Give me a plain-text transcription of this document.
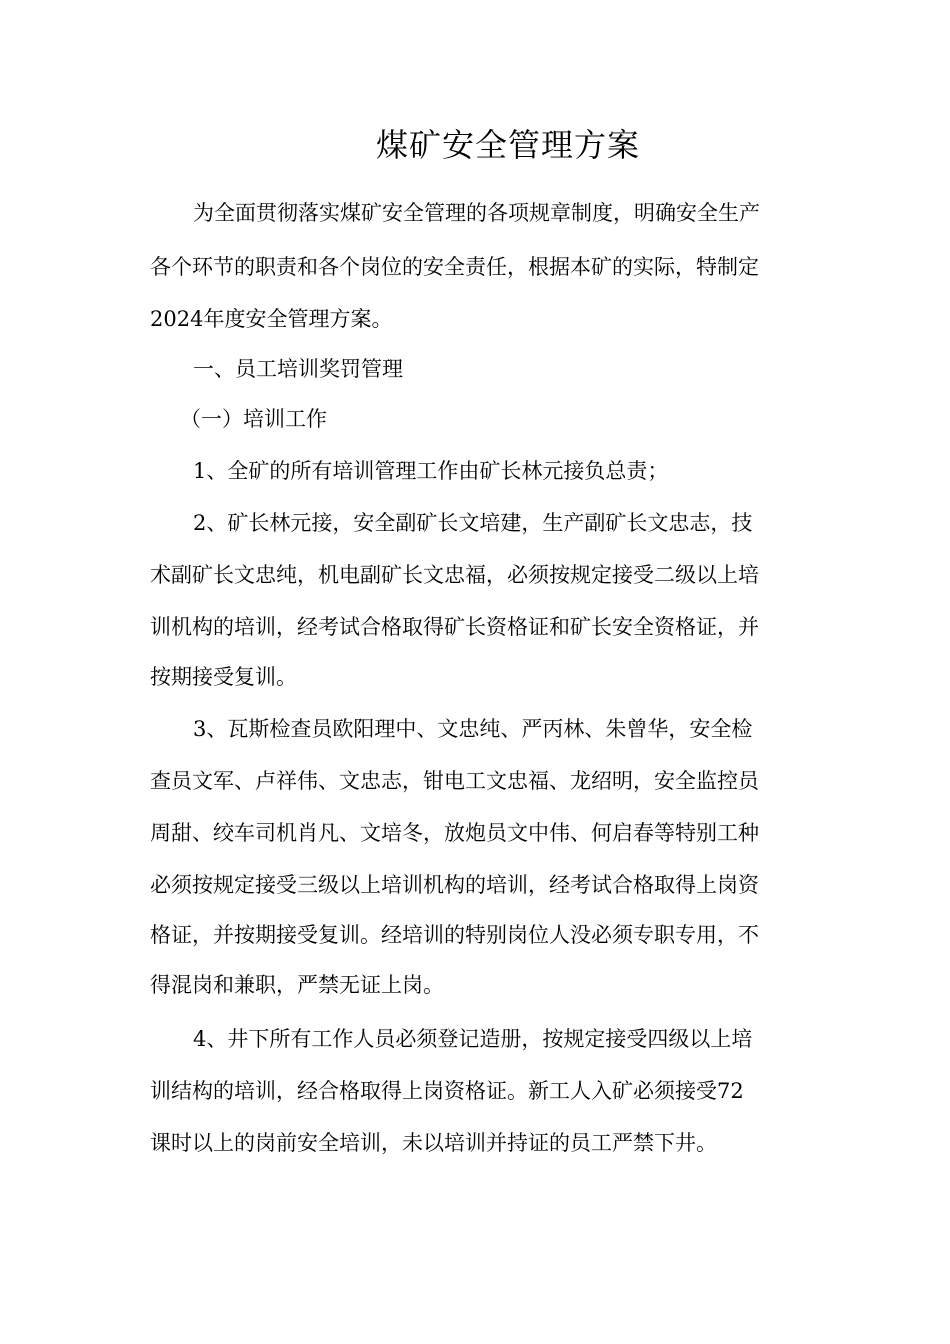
煤矿安全管理方案
为全面贯彻落实煤矿安全管理的各项规章制度，明确安全生产
各个环节的职责和各个岗位的安全责任，根据本矿的实际，特制定
2024年度安全管理方案。
一、员工培训奖罚管理
（一）培训工作
1、全矿的所有培训管理工作由矿长林元接负总责；
2、矿长林元接，安全副矿长文培建，生产副矿长文忠志，技
术副矿长文忠纯，机电副矿长文忠福，必须按规定接受二级以上培
训机构的培训，经考试合格取得矿长资格证和矿长安全资格证，并
按期接受复训。
3、瓦斯检查员欧阳理中、文忠纯、严丙林、朱曾华，安全检
查员文军、卢祥伟、文忠志，钳电工文忠福、龙绍明，安全监控员
周甜、绞车司机肖凡、文培冬，放炮员文中伟、何启春等特别工种
必须按规定接受三级以上培训机构的培训，经考试合格取得上岗资
格证，并按期接受复训。经培训的特别岗位人没必须专职专用，不
得混岗和兼职，严禁无证上岗。
4、井下所有工作人员必须登记造册，按规定接受四级以上培
训结构的培训，经合格取得上岗资格证。新工人入矿必须接受72
课时以上的岗前安全培训，未以培训并持证的员工严禁下井。
